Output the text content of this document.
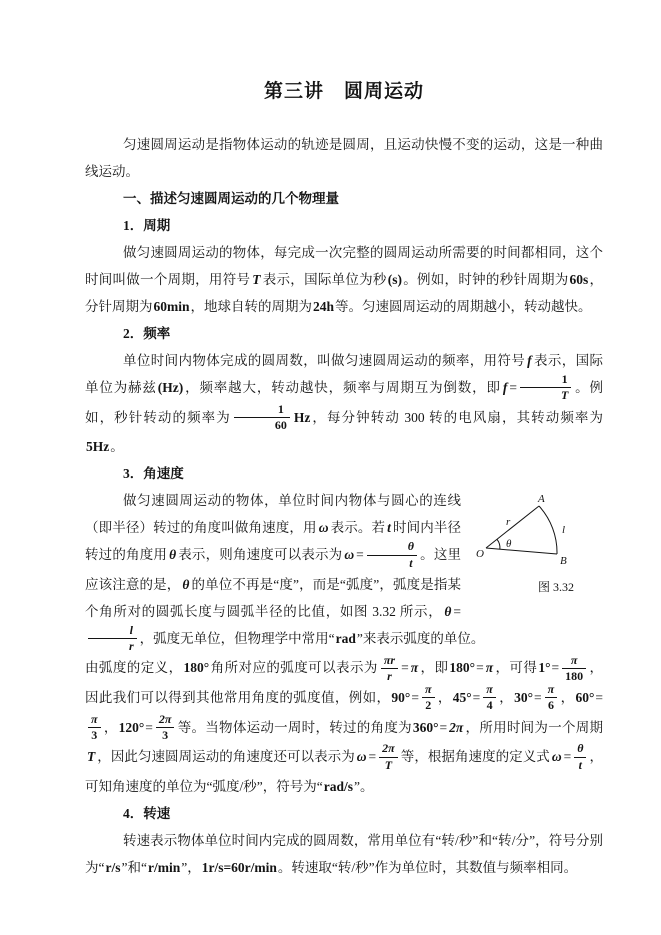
第三讲　圆周运动

匀速圆周运动是指物体运动的轨迹是圆周，且运动快慢不变的运动，这是一种曲线运动。

一、描述匀速圆周运动的几个物理量

1．周期

做匀速圆周运动的物体，每完成一次完整的圆周运动所需要的时间都相同，这个时间叫做一个周期，用符号 T 表示，国际单位为秒(s)。例如，时钟的秒针周期为60s，分针周期为60min，地球自转的周期为24h等。匀速圆周运动的周期越小，转动越快。

2．频率

单位时间内物体完成的圆周数，叫做匀速圆周运动的频率，用符号 f 表示，国际单位为赫兹(Hz)，频率越大，转动越快，频率与周期互为倒数，即 $f = \frac{1}{T}$ 。例如，秒针转动的频率为 $\frac{1}{60}$ Hz，每分钟转动 300 转的电风扇，其转动频率为5Hz。

3．角速度

O
A
B
r
θ
l
图 3.32
做匀速圆周运动的物体，单位时间内物体与圆心的连线（即半径）转过的角度叫做角速度，用 ω 表示。若 t 时间内半径转过的角度用 θ 表示，则角速度可以表示为 $\omega = \frac{\theta}{t}$ 。这里应该注意的是， θ 的单位不再是“度”，而是“弧度”，弧度是指某个角所对的圆弧长度与圆弧半径的比值，如图 3.32 所示， θ =
$\frac{l}{r}$ ，弧度无单位，但物理学中常用“rad”来表示弧度的单位。

由弧度的定义，180°角所对应的弧度可以表示为 $\frac{\pi r}{r} = \pi$ ，即180°= π ，可得$1^\circ= \frac{\pi}{180}$ ，因此我们可以得到其他常用角度的弧度值，例如，$90^\circ= \frac{\pi}{2}$ ，$45^\circ= \frac{\pi}{4}$ ，$30^\circ= \frac{\pi}{6}$ ，60°=
$\frac{\pi}{3}$ ，$120^\circ= \frac{2\pi}{3}$ 等。当物体运动一周时，转过的角度为360°= 2π ，所用时间为一个周期T ，因此匀速圆周运动的角速度还可以表示为 $\omega = \frac{2\pi}{T}$ 等，根据角速度的定义式 $\omega = \frac{\theta}{t}$ ，可知角速度的单位为“弧度/秒”，符号为“rad/s”。

4．转速

转速表示物体单位时间内完成的圆周数，常用单位有“转/秒”和“转/分”，符号分别为“r/s”和“r/min”，1r/s=60r/min。转速取“转/秒”作为单位时，其数值与频率相同。
